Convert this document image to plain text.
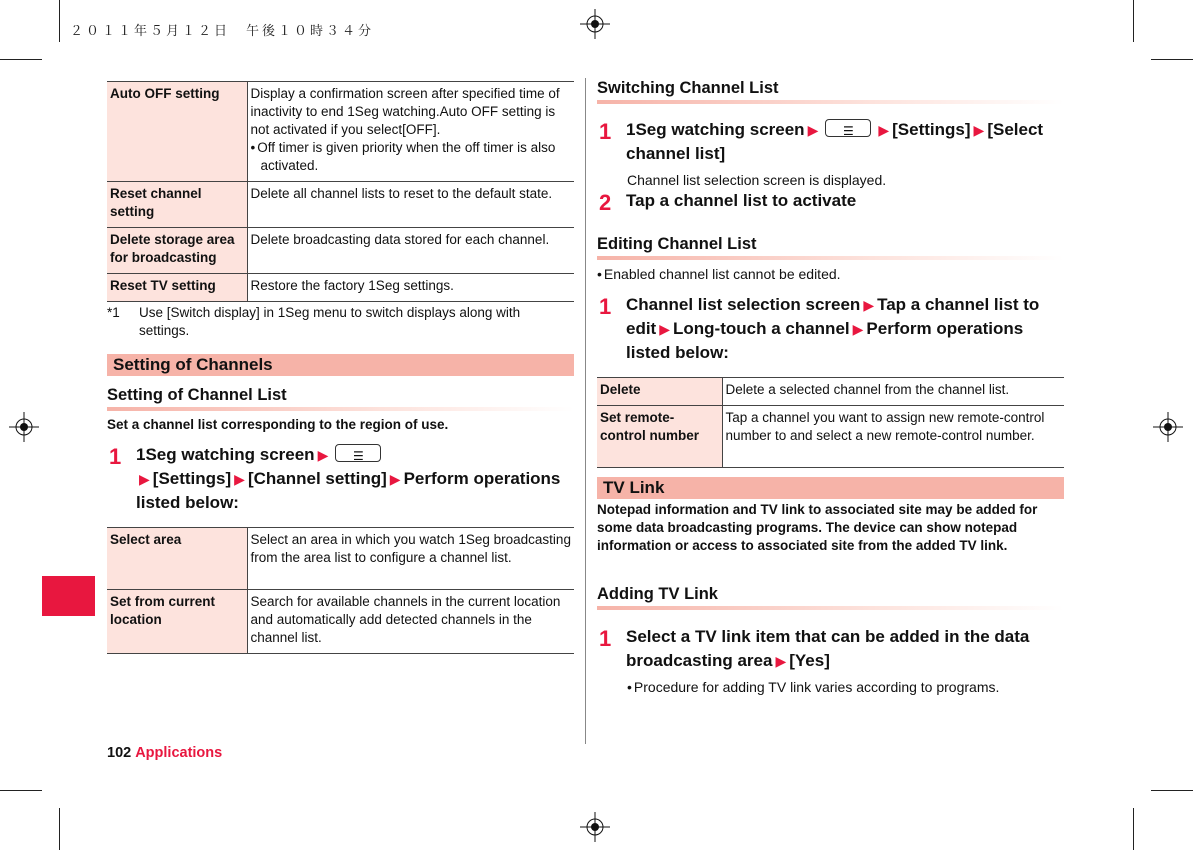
２０１１年５月１２日　午後１０時３４分
Auto OFF setting	Display a confirmation screen after specified time of inactivity to end 1Seg watching.Auto OFF setting is not activated if you select[OFF].
• Off timer is given priority when the off timer is also activated.

Reset channel setting	Delete all channel lists to reset to the default state.
Delete storage area for broadcasting	Delete broadcasting data stored for each channel.
Reset TV setting	Restore the factory 1Seg settings.
*1 Use [Switch display] in 1Seg menu to switch displays along with settings.
Setting of Channels
Setting of Channel List
Set a channel list corresponding to the region of use.
1 1Seg watching screen ▶☰▶ [Settings] ▶ [Channel setting] ▶ Perform operations listed below:
Select area	Select an area in which you watch 1Seg broadcasting from the area list to configure a channel list.
Set from current location	Search for available channels in the current location and automatically add detected channels in the channel list.
Switching Channel List
1 1Seg watching screen ▶☰	▶ [Settings] ▶ [Select channel list]
Channel list selection screen is displayed.
2 Tap a channel list to activate
Editing Channel List
• Enabled channel list cannot be edited.
1 Channel list selection screen ▶ Tap a channel list to edit ▶ Long-touch a channel ▶ Perform operations listed below:
Delete	Delete a selected channel from the channel list.
Set remote-control number	Tap a channel you want to assign new remote-control number to and select a new remote-control number.
TV Link
Notepad information and TV link to associated site may be added for some data broadcasting programs. The device can show notepad information or access to associated site from the added TV link.
Adding TV Link
1 Select a TV link item that can be added in the data broadcasting area ▶ [Yes]
• Procedure for adding TV link varies according to programs.
102 Applications
